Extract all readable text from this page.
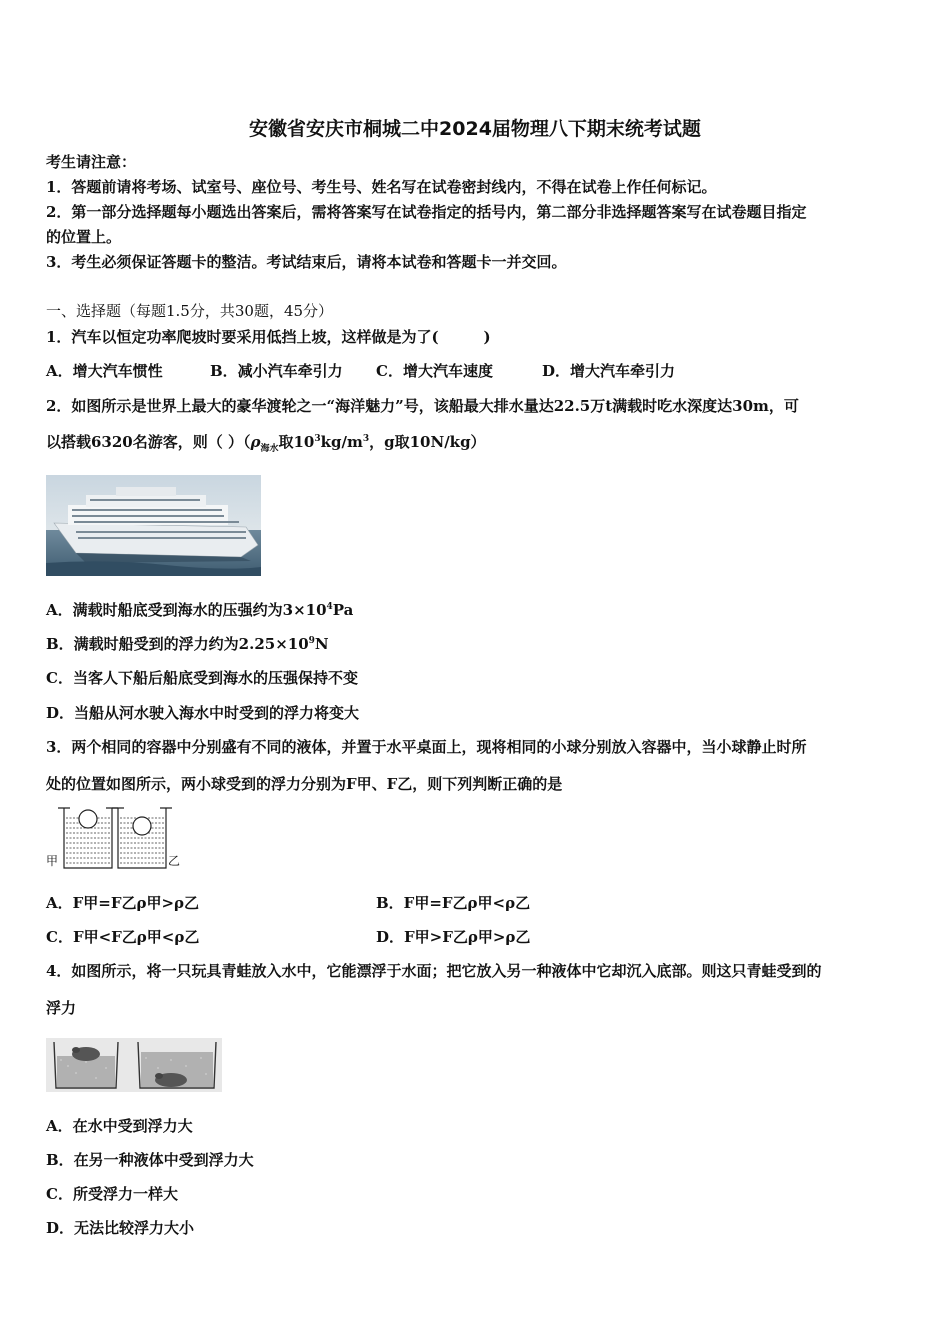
安徽省安庆市桐城二中2024届物理八下期末统考试题
考生请注意：
1．答题前请将考场、试室号、座位号、考生号、姓名写在试卷密封线内，不得在试卷上作任何标记。
2．第一部分选择题每小题选出答案后，需将答案写在试卷指定的括号内，第二部分非选择题答案写在试卷题目指定
的位置上。
3．考生必须保证答题卡的整洁。考试结束后，请将本试卷和答题卡一并交回。
一、选择题（每题1.5分，共30题，45分）
1．汽车以恒定功率爬坡时要采用低挡上坡，这样做是为了(　　　)
A．增大汽车惯性	B．减小汽车牵引力 C．增大汽车速度	D．增大汽车牵引力
2．如图所示是世界上最大的豪华渡轮之一“海洋魅力”号，该船最大排水量达22.5万t满载时吃水深度达30m，可
以搭载6320名游客，则（ ）（$\rho_{海水}$取$10^3kg/m^3$，g取10N/kg）
A．满载时船底受到海水的压强约为$3\times 10^4Pa$
B．满载时船受到的浮力约为$2.25\times 10^9N$
C．当客人下船后船底受到海水的压强保持不变
D．当船从河水驶入海水中时受到的浮力将变大
3．两个相同的容器中分别盛有不同的液体，并置于水平桌面上，现将相同的小球分别放入容器中，当小球静止时所
处的位置如图所示，两小球受到的浮力分别为F甲、F乙，则下列判断正确的是
甲	乙
A．F甲=F乙ρ甲>ρ乙	B．F甲=F乙ρ甲<ρ乙
C．F甲<F乙ρ甲<ρ乙	D．F甲>F乙ρ甲>ρ乙
4．如图所示，将一只玩具青蛙放入水中，它能漂浮于水面；把它放入另一种液体中它却沉入底部。则这只青蛙受到的
浮力
A．在水中受到浮力大
B．在另一种液体中受到浮力大
C．所受浮力一样大
D．无法比较浮力大小
